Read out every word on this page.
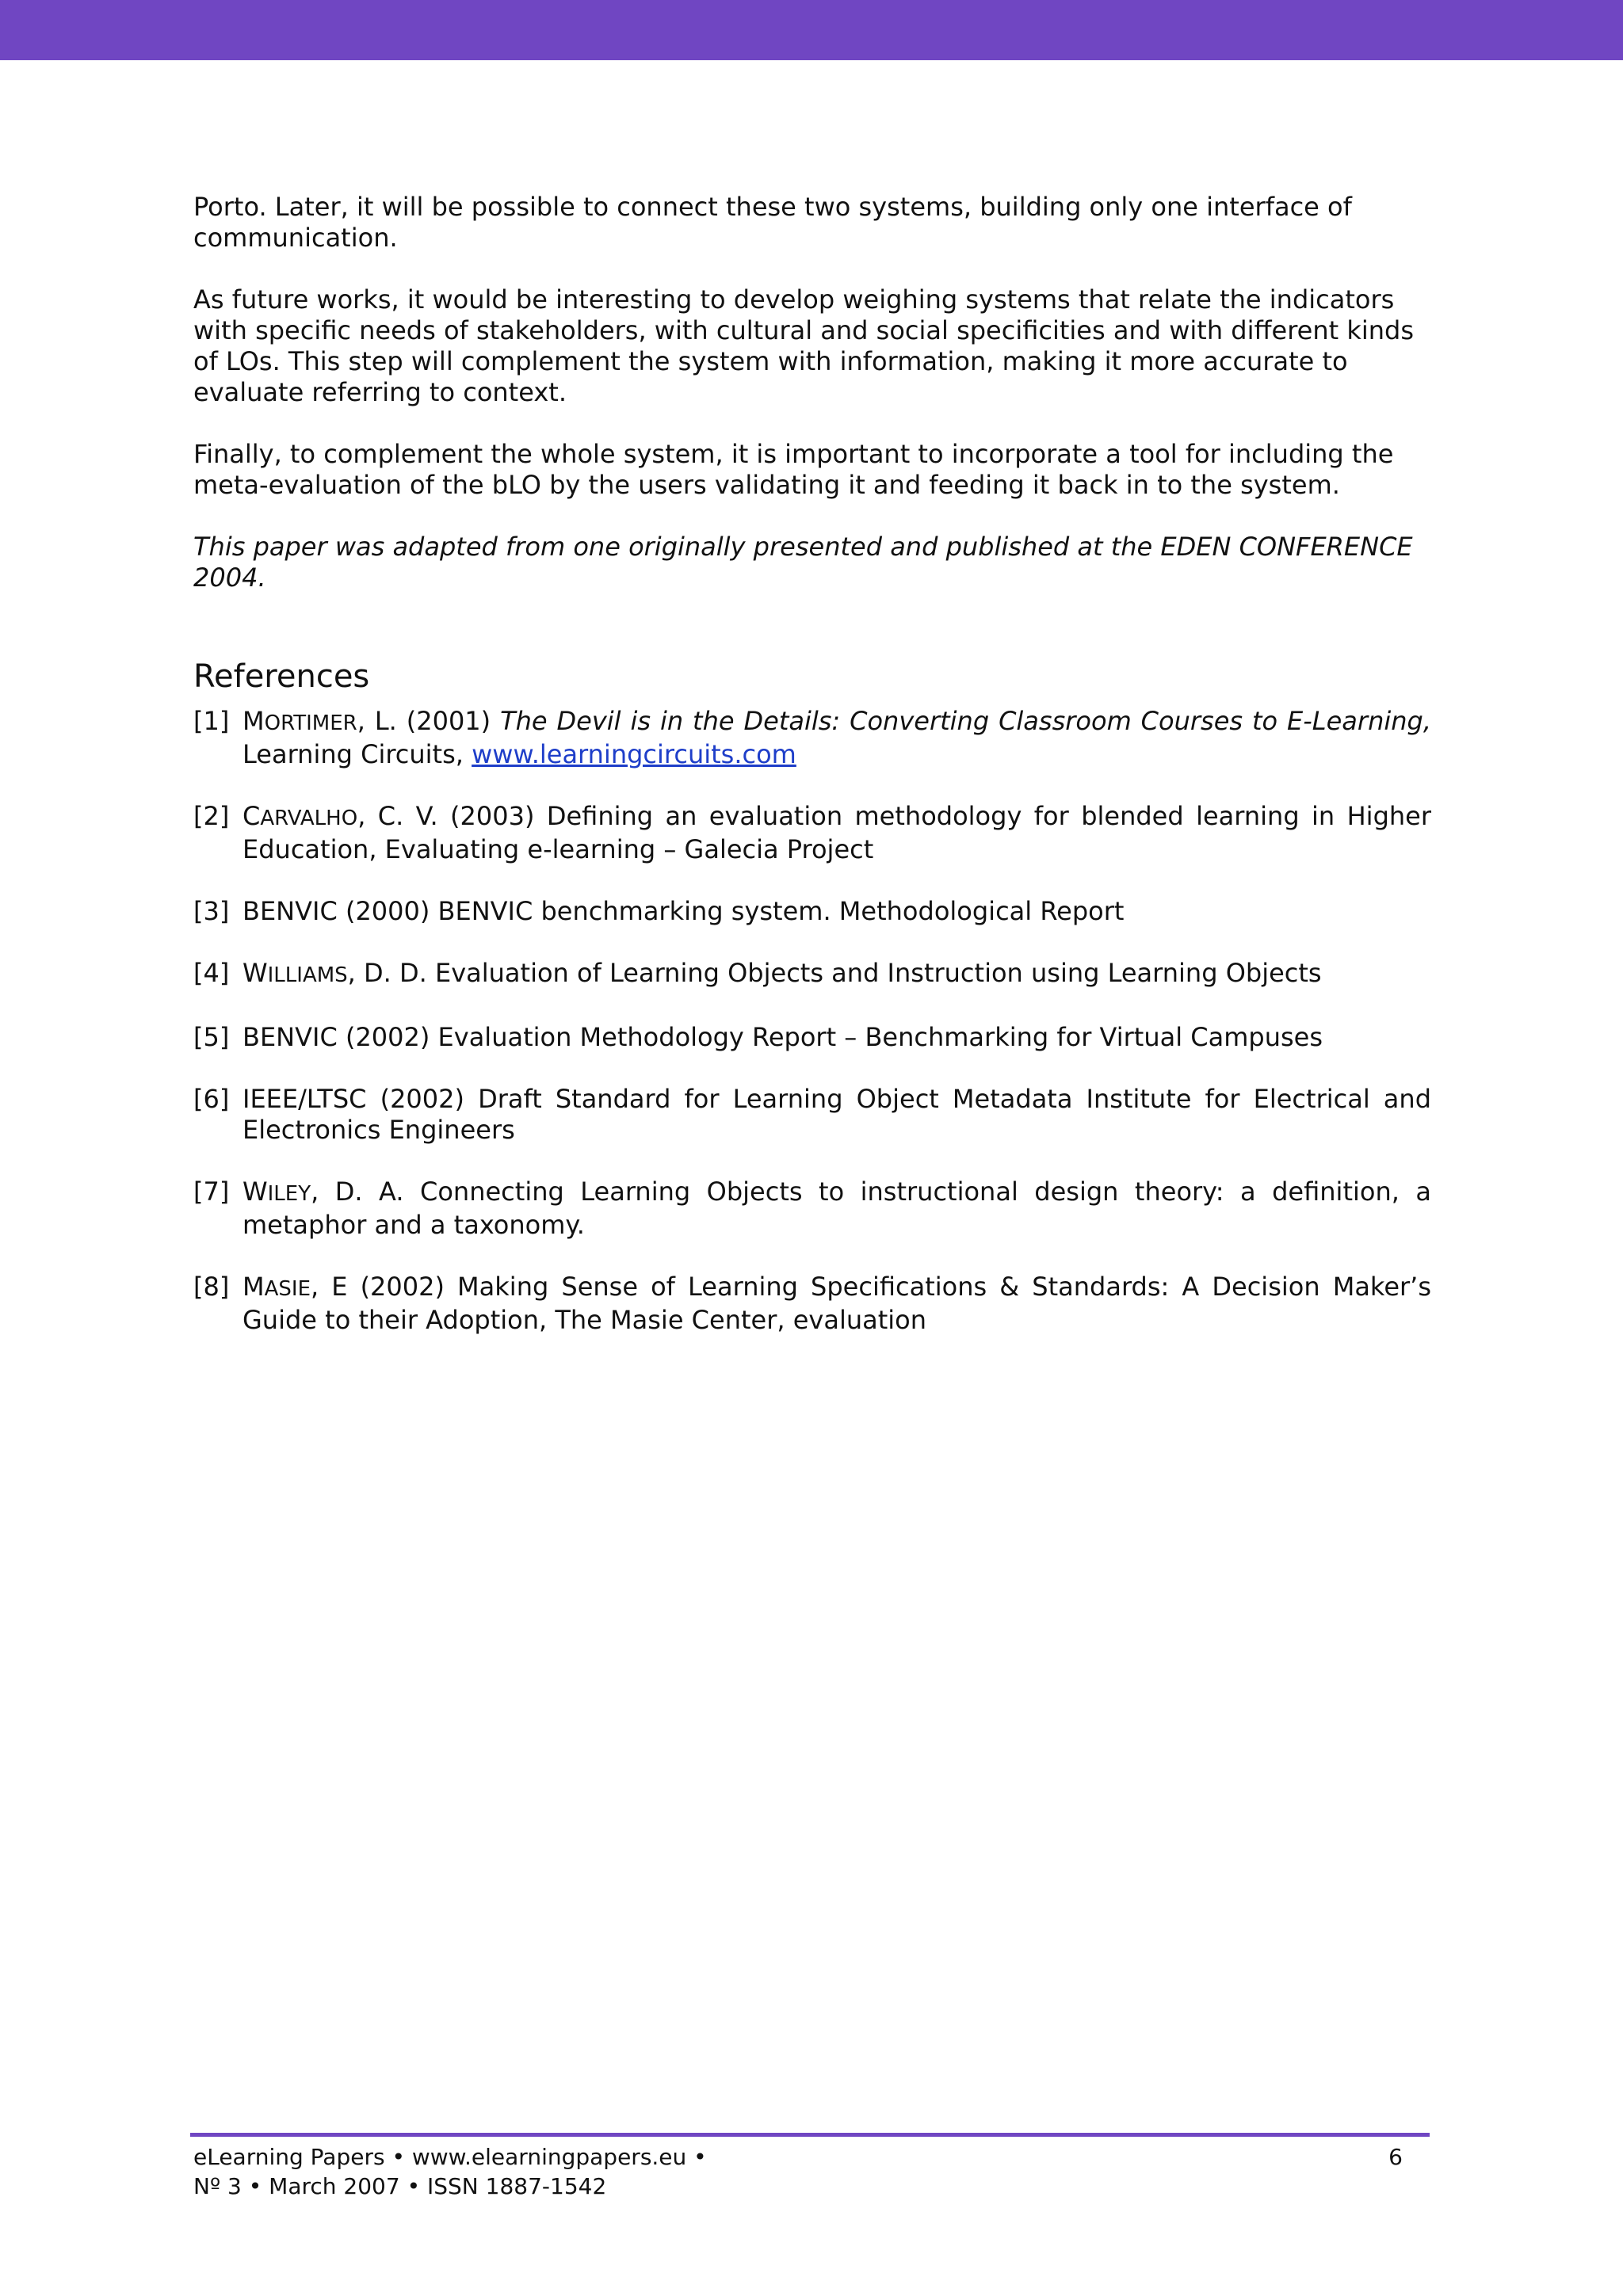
Porto. Later, it will be possible to connect these two systems, building only one interface of communication.

As future works, it would be interesting to develop weighing systems that relate the indicators with specific needs of stakeholders, with cultural and social specificities and with different kinds of LOs. This step will complement the system with information, making it more accurate to evaluate referring to context.

Finally, to complement the whole system, it is important to incorporate a tool for including the meta-evaluation of the bLO by the users validating it and feeding it back in to the system.

This paper was adapted from one originally presented and published at the EDEN CONFERENCE 2004.

References
[1] MORTIMER, L. (2001) The Devil is in the Details: Converting Classroom Courses to E-Learning, Learning Circuits, www.learningcircuits.com
[2] CARVALHO, C. V. (2003) Defining an evaluation methodology for blended learning in Higher Education, Evaluating e-learning – Galecia Project
[3] BENVIC (2000) BENVIC benchmarking system. Methodological Report
[4] WILLIAMS, D. D. Evaluation of Learning Objects and Instruction using Learning Objects
[5] BENVIC (2002) Evaluation Methodology Report – Benchmarking for Virtual Campuses
[6] IEEE/LTSC (2002) Draft Standard for Learning Object Metadata Institute for Electrical and Electronics Engineers
[7] WILEY, D. A. Connecting Learning Objects to instructional design theory: a definition, a metaphor and a taxonomy.
[8] MASIE, E (2002) Making Sense of Learning Specifications & Standards: A Decision Maker’s Guide to their Adoption, The Masie Center, evaluation
eLearning Papers • www.elearningpapers.eu •
Nº 3 • March 2007 • ISSN 1887-1542
6
